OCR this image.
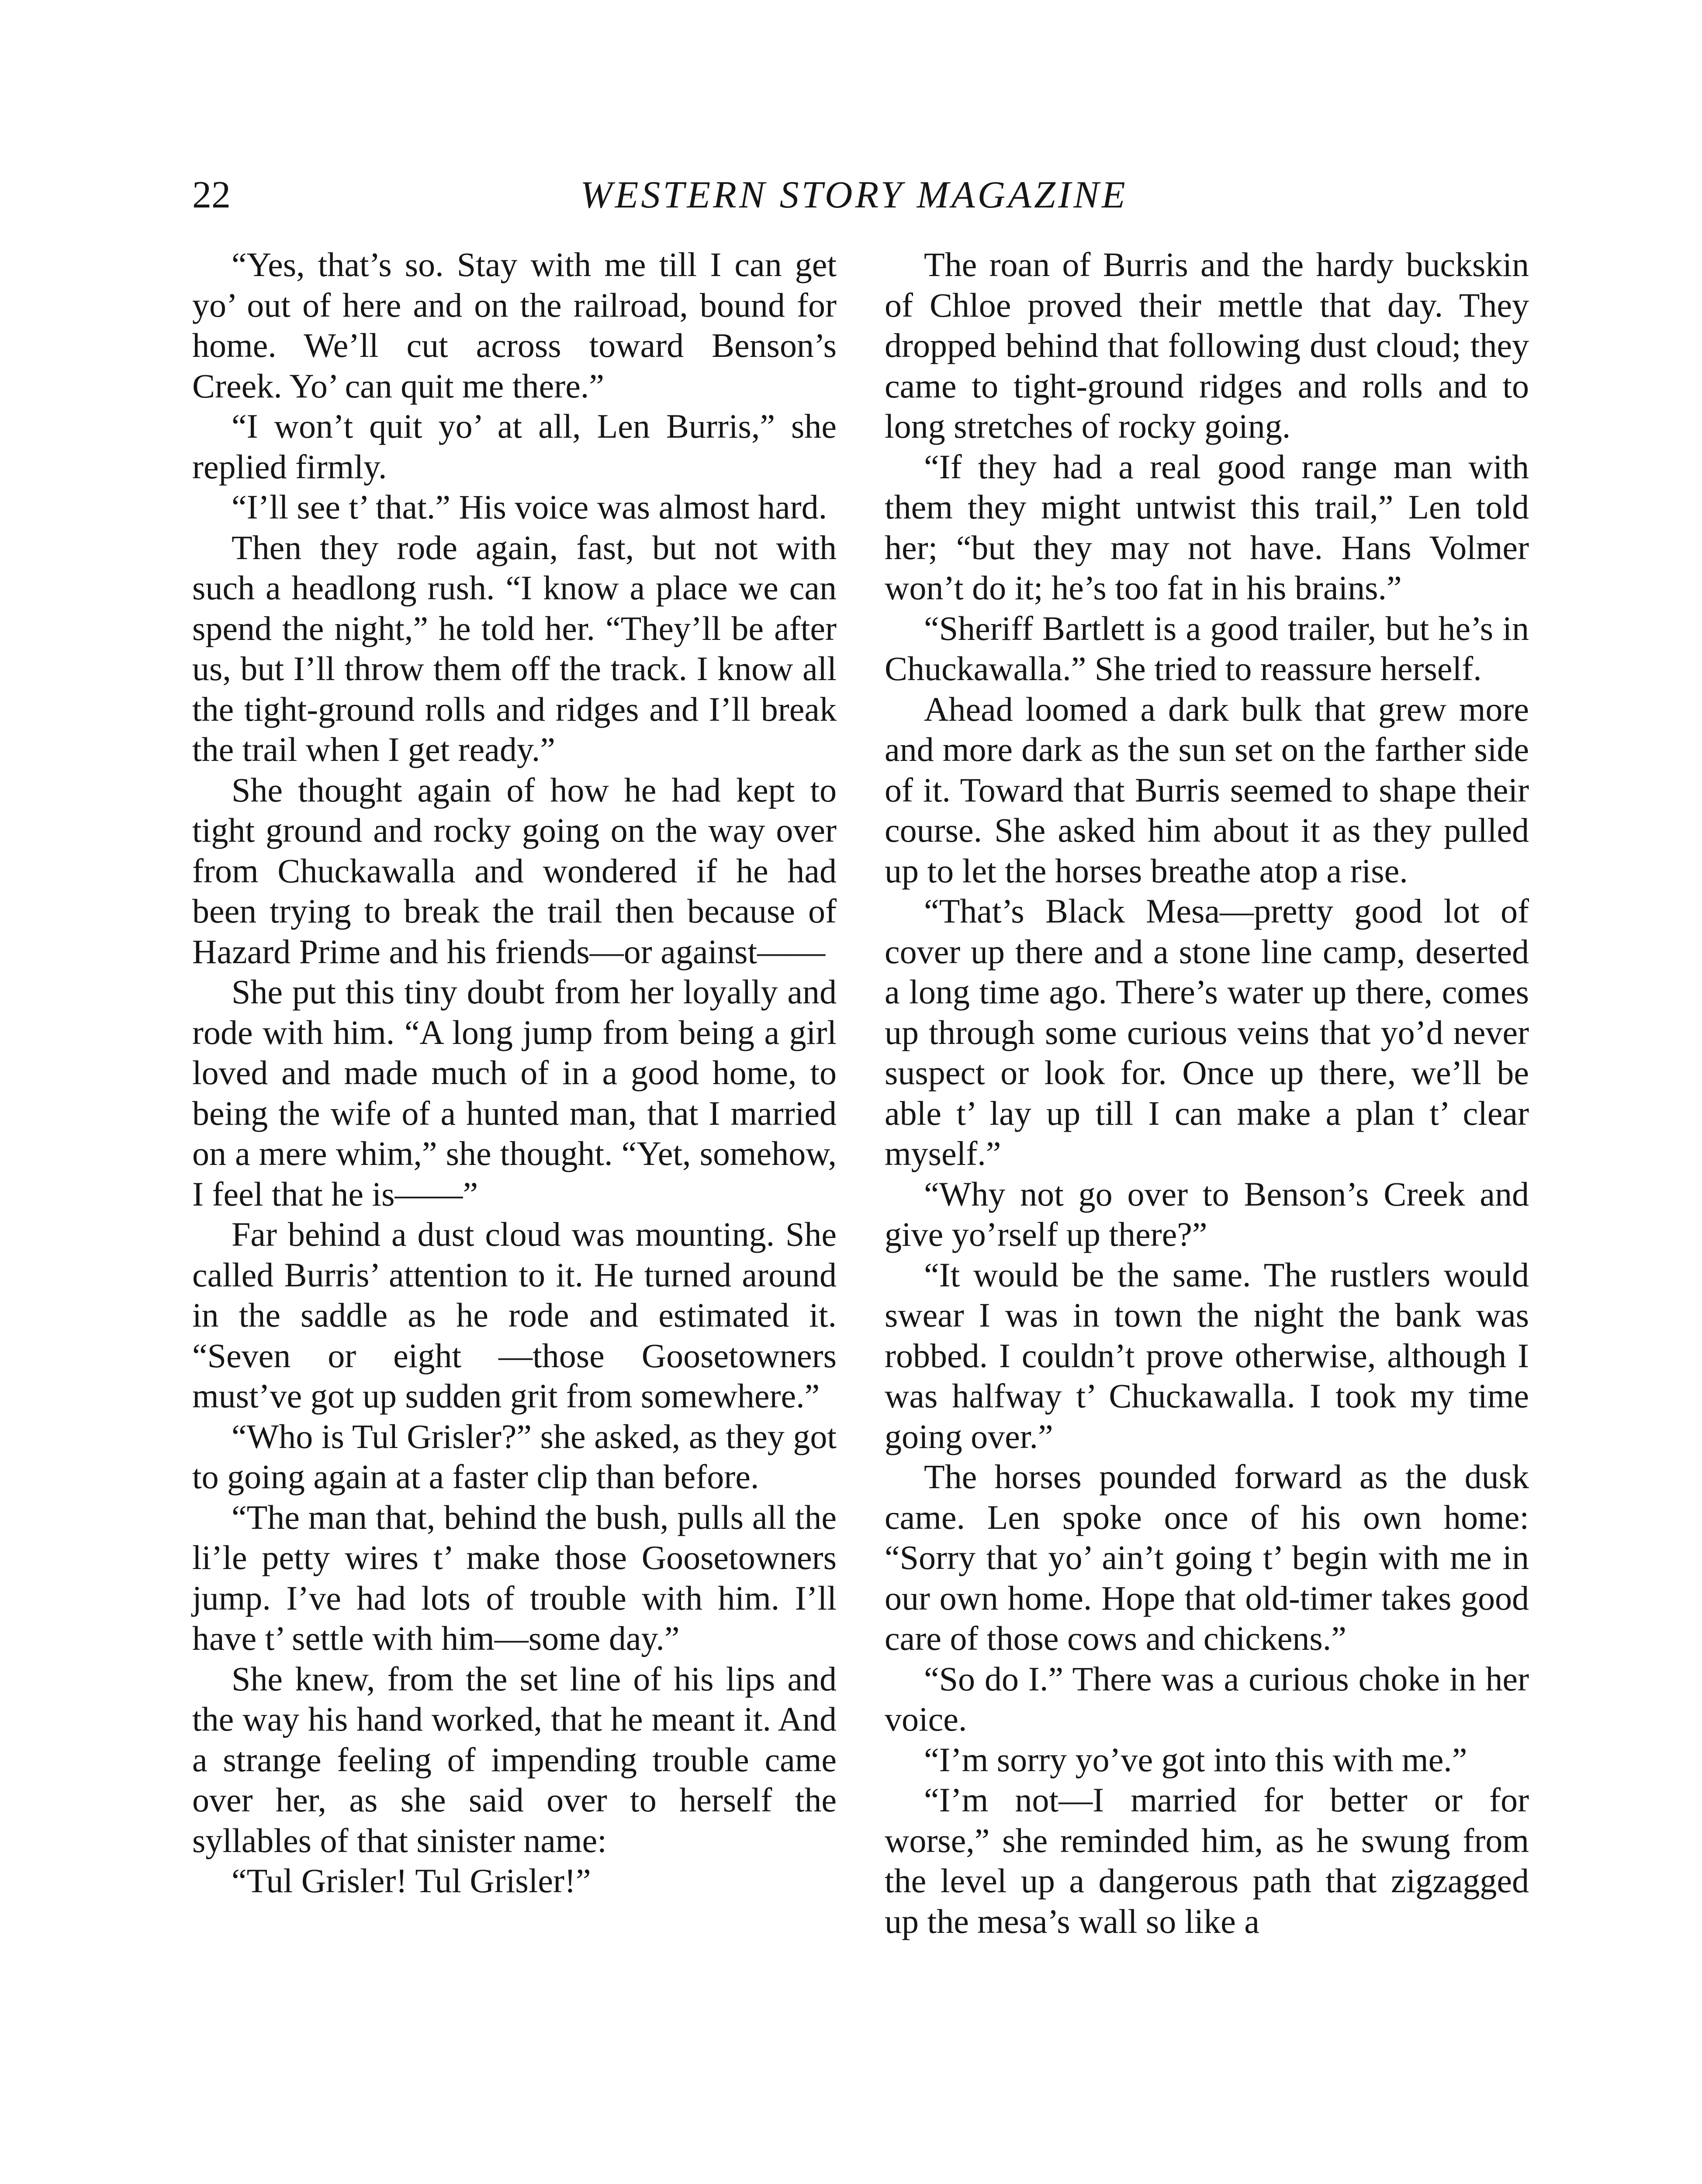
22	WESTERN STORY MAGAZINE

“Yes, that’s so. Stay with me till I can get yo’ out of here and on the railroad, bound for home. We’ll cut across toward Benson’s Creek. Yo’ can quit me there.”

“I won’t quit yo’ at all, Len Burris,” she replied firmly.

“I’ll see t’ that.” His voice was almost hard.

Then they rode again, fast, but not with such a headlong rush. “I know a place we can spend the night,” he told her. “They’ll be after us, but I’ll throw them off the track. I know all the tight-ground rolls and ridges and I’ll break the trail when I get ready.”

She thought again of how he had kept to tight ground and rocky going on the way over from Chuckawalla and wondered if he had been trying to break the trail then because of Hazard Prime and his friends—or against——

She put this tiny doubt from her loyally and rode with him. “A long jump from being a girl loved and made much of in a good home, to being the wife of a hunted man, that I married on a mere whim,” she thought. “Yet, somehow, I feel that he is——”

Far behind a dust cloud was mounting. She called Burris’ attention to it. He turned around in the saddle as he rode and estimated it. “Seven or eight —those Goosetowners must’ve got up sudden grit from somewhere.”

“Who is Tul Grisler?” she asked, as they got to going again at a faster clip than before.

“The man that, behind the bush, pulls all the li’le petty wires t’ make those Goosetowners jump. I’ve had lots of trouble with him. I’ll have t’ settle with him—some day.”

She knew, from the set line of his lips and the way his hand worked, that he meant it. And a strange feeling of impending trouble came over her, as she said over to herself the syllables of that sinister name:

“Tul Grisler! Tul Grisler!”

The roan of Burris and the hardy buckskin of Chloe proved their mettle that day. They dropped behind that following dust cloud; they came to tight-ground ridges and rolls and to long stretches of rocky going.

“If they had a real good range man with them they might untwist this trail,” Len told her; “but they may not have. Hans Volmer won’t do it; he’s too fat in his brains.”

“Sheriff Bartlett is a good trailer, but he’s in Chuckawalla.” She tried to reassure herself.

Ahead loomed a dark bulk that grew more and more dark as the sun set on the farther side of it. Toward that Burris seemed to shape their course. She asked him about it as they pulled up to let the horses breathe atop a rise.

“That’s Black Mesa—pretty good lot of cover up there and a stone line camp, deserted a long time ago. There’s water up there, comes up through some curious veins that yo’d never suspect or look for. Once up there, we’ll be able t’ lay up till I can make a plan t’ clear myself.”

“Why not go over to Benson’s Creek and give yo’rself up there?”

“It would be the same. The rustlers would swear I was in town the night the bank was robbed. I couldn’t prove otherwise, although I was halfway t’ Chuckawalla. I took my time going over.”

The horses pounded forward as the dusk came. Len spoke once of his own home: “Sorry that yo’ ain’t going t’ begin with me in our own home. Hope that old-timer takes good care of those cows and chickens.”

“So do I.” There was a curious choke in her voice.

“I’m sorry yo’ve got into this with me.”

“I’m not—I married for better or for worse,” she reminded him, as he swung from the level up a dangerous path that zigzagged up the mesa’s wall so like a
